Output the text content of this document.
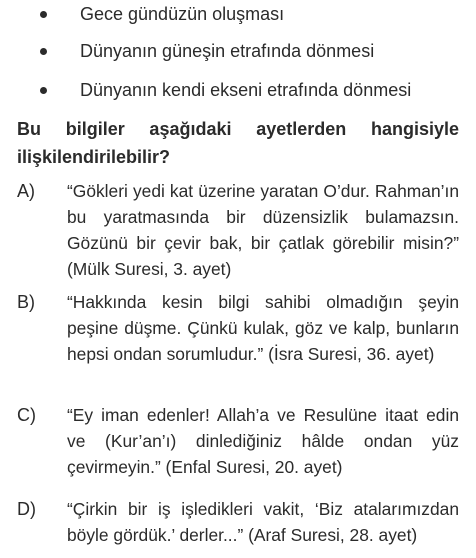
Gece gündüzün oluşması
Dünyanın güneşin etrafında dönmesi
Dünyanın kendi ekseni etrafında dönmesi
Bu bilgiler aşağıdaki ayetlerden hangisiyle ilişkilendirilebilir?
A) “Gökleri yedi kat üzerine yaratan O’dur. Rahman’ın bu yaratmasında bir düzensizlik bulamazsın. Gözünü bir çevir bak, bir çatlak görebilir misin?” (Mülk Suresi, 3. ayet)
B) “Hakkında kesin bilgi sahibi olmadığın şeyin peşine düşme. Çünkü kulak, göz ve kalp, bunların hepsi ondan sorumludur.” (İsra Suresi, 36. ayet)
C) “Ey iman edenler! Allah’a ve Resulüne itaat edin ve (Kur’an’ı) dinlediğiniz hâlde ondan yüz çevirmeyin.” (Enfal Suresi, 20. ayet)
D) “Çirkin bir iş işledikleri vakit, ‘Biz atalarımızdan böyle gördük.’ derler...” (Araf Suresi, 28. ayet)
